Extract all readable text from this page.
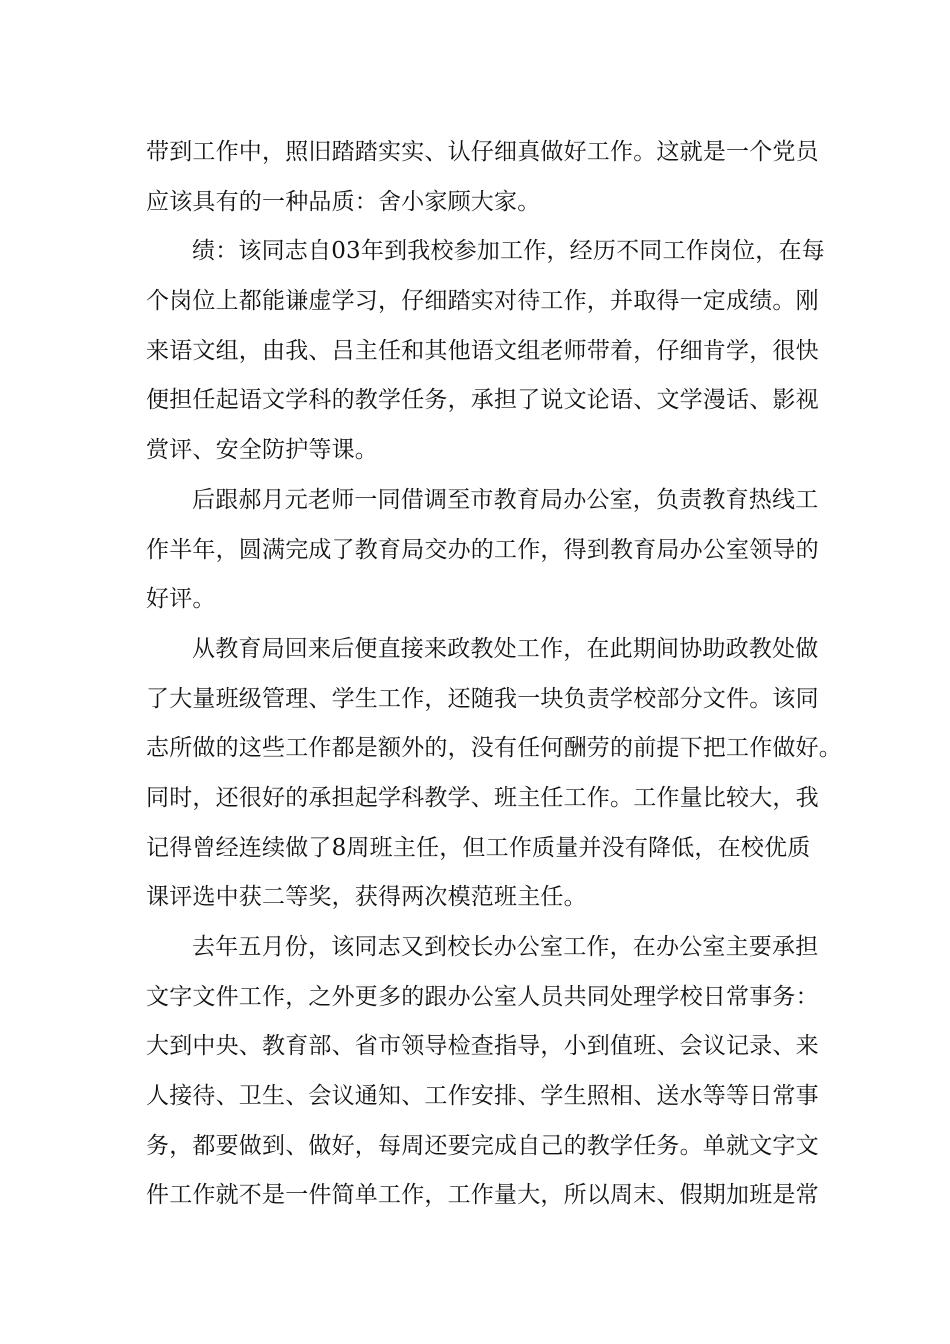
带到工作中，照旧踏踏实实、认仔细真做好工作。这就是一个党员
应该具有的一种品质：舍小家顾大家。
绩：该同志自03年到我校参加工作，经历不同工作岗位，在每
个岗位上都能谦虚学习，仔细踏实对待工作，并取得一定成绩。刚
来语文组，由我、吕主任和其他语文组老师带着，仔细肯学，很快
便担任起语文学科的教学任务，承担了说文论语、文学漫话、影视
赏评、安全防护等课。
后跟郝月元老师一同借调至市教育局办公室，负责教育热线工
作半年，圆满完成了教育局交办的工作，得到教育局办公室领导的
好评。
从教育局回来后便直接来政教处工作，在此期间协助政教处做
了大量班级管理、学生工作，还随我一块负责学校部分文件。该同
志所做的这些工作都是额外的，没有任何酬劳的前提下把工作做好。
同时，还很好的承担起学科教学、班主任工作。工作量比较大，我
记得曾经连续做了8周班主任，但工作质量并没有降低，在校优质
课评选中获二等奖，获得两次模范班主任。
去年五月份，该同志又到校长办公室工作，在办公室主要承担
文字文件工作，之外更多的跟办公室人员共同处理学校日常事务：
大到中央、教育部、省市领导检查指导，小到值班、会议记录、来
人接待、卫生、会议通知、工作安排、学生照相、送水等等日常事
务，都要做到、做好，每周还要完成自己的教学任务。单就文字文
件工作就不是一件简单工作，工作量大，所以周末、假期加班是常
